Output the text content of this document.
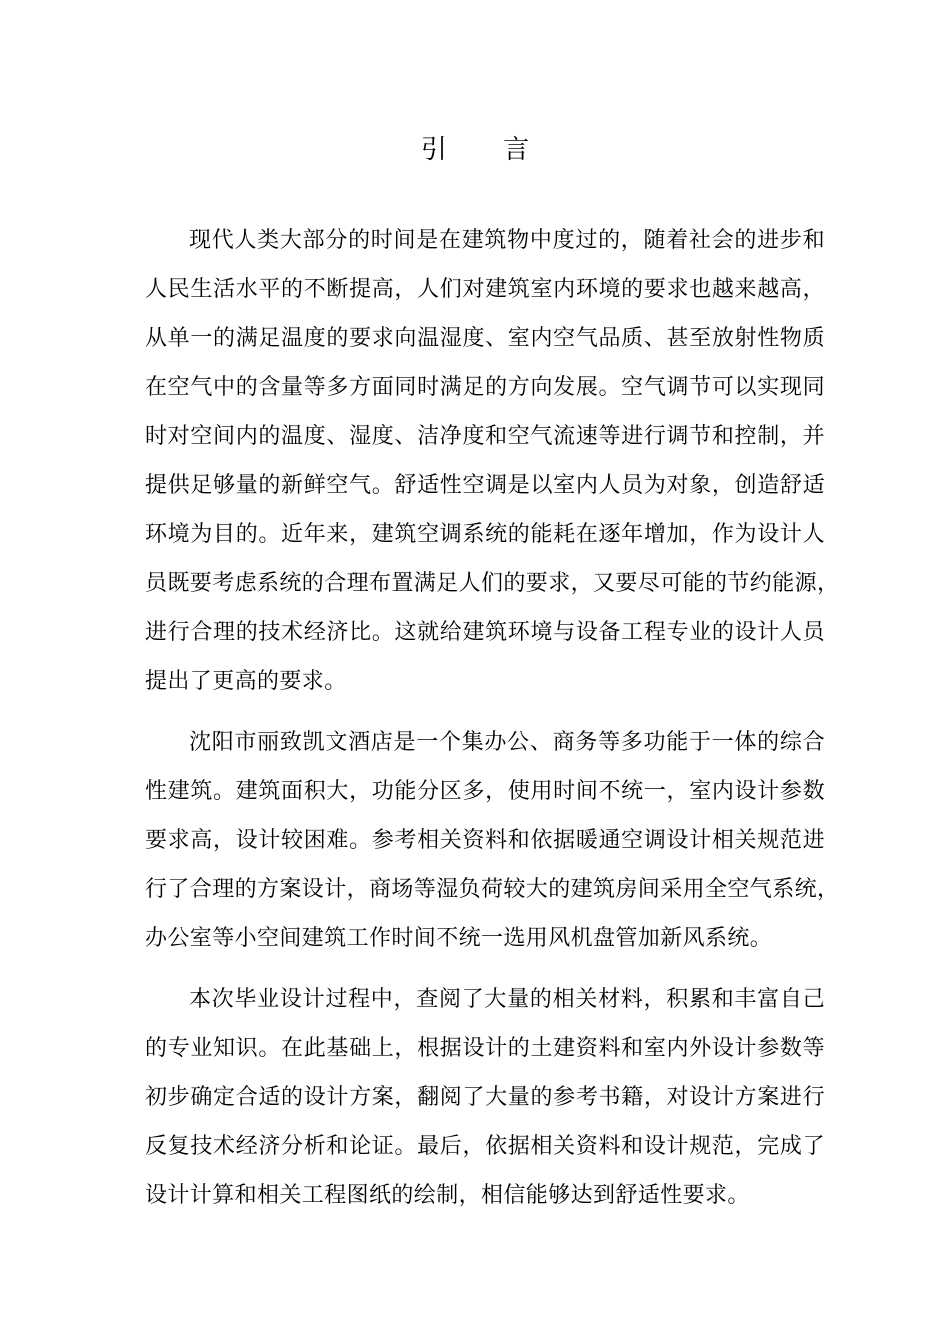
引 言
现代人类大部分的时间是在建筑物中度过的，随着社会的进步和
人民生活水平的不断提高，人们对建筑室内环境的要求也越来越高，
从单一的满足温度的要求向温湿度、室内空气品质、甚至放射性物质
在空气中的含量等多方面同时满足的方向发展。空气调节可以实现同
时对空间内的温度、湿度、洁净度和空气流速等进行调节和控制，并
提供足够量的新鲜空气。舒适性空调是以室内人员为对象，创造舒适
环境为目的。近年来，建筑空调系统的能耗在逐年增加，作为设计人
员既要考虑系统的合理布置满足人们的要求，又要尽可能的节约能源，
进行合理的技术经济比。这就给建筑环境与设备工程专业的设计人员
提出了更高的要求。
沈阳市丽致凯文酒店是一个集办公、商务等多功能于一体的综合
性建筑。建筑面积大，功能分区多，使用时间不统一，室内设计参数
要求高，设计较困难。参考相关资料和依据暖通空调设计相关规范进
行了合理的方案设计，商场等湿负荷较大的建筑房间采用全空气系统，
办公室等小空间建筑工作时间不统一选用风机盘管加新风系统。
本次毕业设计过程中，查阅了大量的相关材料，积累和丰富自己
的专业知识。在此基础上，根据设计的土建资料和室内外设计参数等
初步确定合适的设计方案，翻阅了大量的参考书籍，对设计方案进行
反复技术经济分析和论证。最后，依据相关资料和设计规范，完成了
设计计算和相关工程图纸的绘制，相信能够达到舒适性要求。
